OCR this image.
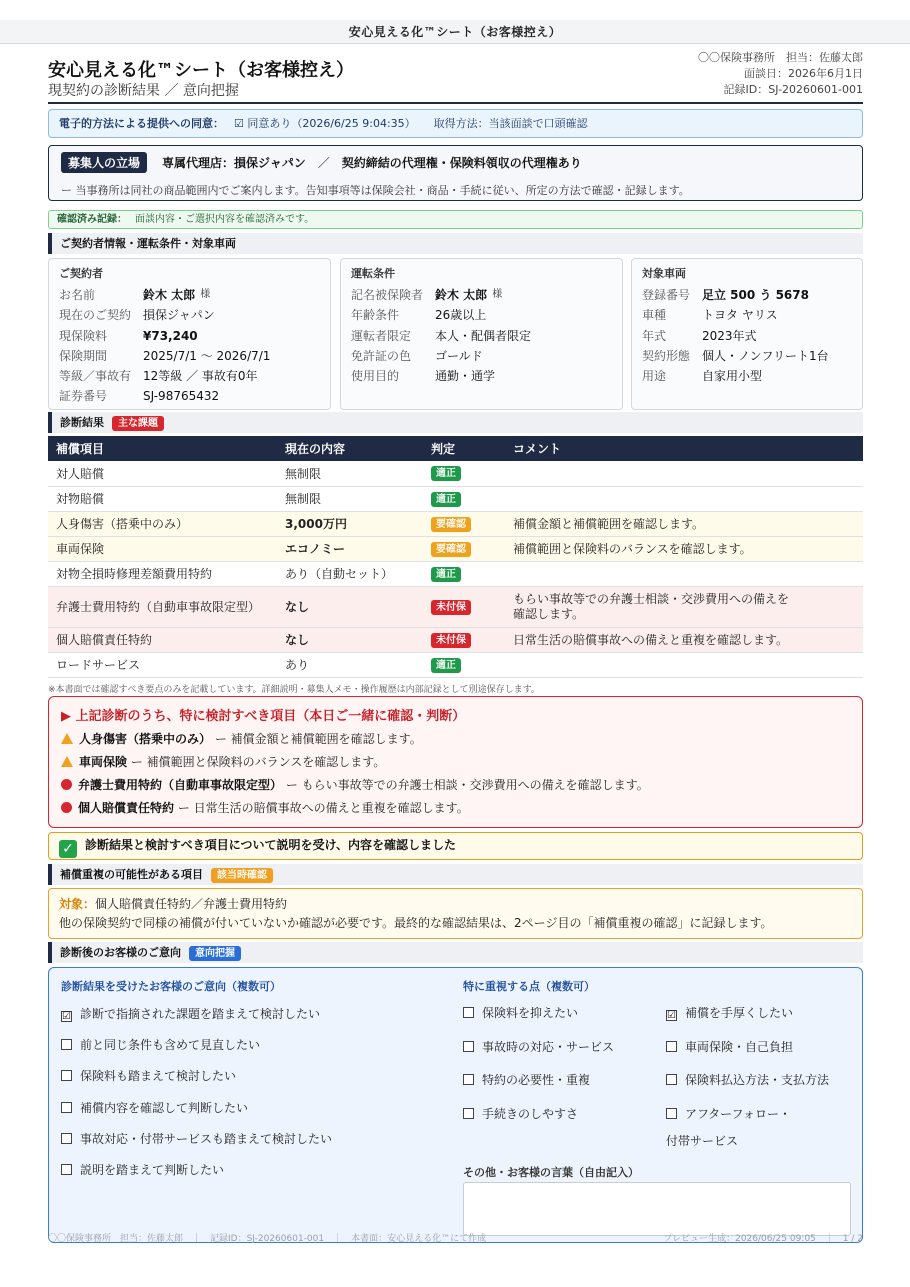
安心見える化™シート（お客様控え）
安心見える化™シート（お客様控え）
現契約の診断結果 ／ 意向把握
〇〇保険事務所　担当：佐藤太郎
面談日：2026年6月1日
記録ID：SJ-20260601-001
電子的方法による提供への同意： ☑ 同意あり（2026/6/25 9:04:35） 取得方法：当該面談で口頭確認
募集人の立場	専属代理店：損保ジャパン ／ 契約締結の代理権・保険料領収の代理権あり
ー 当事務所は同社の商品範囲内でご案内します。告知事項等は保険会社・商品・手続に従い、所定の方法で確認・記録します。
確認済み記録： 面談内容・ご選択内容を確認済みです。
ご契約者情報・運転条件・対象車両
ご契約者
お名前	鈴木 太郎 様
現在のご契約 損保ジャパン
現保険料	¥73,240
保険期間	2025/7/1 〜 2026/7/1
等級／事故有 12等級 ／ 事故有0年
証券番号	SJ-98765432
運転条件
記名被保険者 鈴木 太郎 様
年齢条件	26歳以上
運転者限定	本人・配偶者限定
免許証の色	ゴールド
使用目的	通勤・通学
対象車両
登録番号 足立 500 う 5678
車種	トヨタ ヤリス
年式	2023年式
契約形態 個人・ノンフリート1台
用途	自家用小型
診断結果 主な課題
補償項目	現在の内容	判定	コメント
対人賠償	無制限	適正	
対物賠償	無制限	適正	
人身傷害（搭乗中のみ）	3,000万円	要確認	補償金額と補償範囲を確認します。
車両保険	エコノミー	要確認	補償範囲と保険料のバランスを確認します。
対物全損時修理差額費用特約	あり（自動セット）	適正	
弁護士費用特約（自動車事故限定型）	なし	未付保	もらい事故等での弁護士相談・交渉費用への備えを
確認します。

個人賠償責任特約	なし	未付保	日常生活の賠償事故への備えと重複を確認します。
ロードサービス	あり	適正	
※本書面では確認すべき要点のみを記載しています。詳細説明・募集人メモ・操作履歴は内部記録として別途保存します。
▶ 上記診断のうち、特に検討すべき項目（本日ご一緒に確認・判断）
人身傷害（搭乗中のみ） ー 補償金額と補償範囲を確認します。
車両保険 ー 補償範囲と保険料のバランスを確認します。
弁護士費用特約（自動車事故限定型） ー もらい事故等での弁護士相談・交渉費用への備えを確認します。
個人賠償責任特約 ー 日常生活の賠償事故への備えと重複を確認します。
✓ 診断結果と検討すべき項目について説明を受け、内容を確認しました
補償重複の可能性がある項目 該当時確認
対象：個人賠償責任特約／弁護士費用特約
他の保険契約で同様の補償が付いていないか確認が必要です。最終的な確認結果は、2ページ目の「補償重複の確認」に記録します。
診断後のお客様のご意向 意向把握
診断結果を受けたお客様のご意向（複数可）
☑ 診断で指摘された課題を踏まえて検討したい
前と同じ条件も含めて見直したい
保険料も踏まえて検討したい
補償内容を確認して判断したい
事故対応・付帯サービスも踏まえて検討したい
説明を踏まえて判断したい
特に重視する点（複数可）
保険料を抑えたい	☑ 補償を手厚くしたい
事故時の対応・サービス	車両保険・自己負担
特約の必要性・重複	保険料払込方法・支払方法
手続きのしやすさ	アフターフォロー・
付帯サービス
その他・お客様の言葉（自由記入）
〇〇保険事務所　担当：佐藤太郎　｜　記録ID：SJ-20260601-001　｜　本書面：安心見える化™にて作成	プレビュー生成：2026/06/25 09:05　｜　1 / 2
